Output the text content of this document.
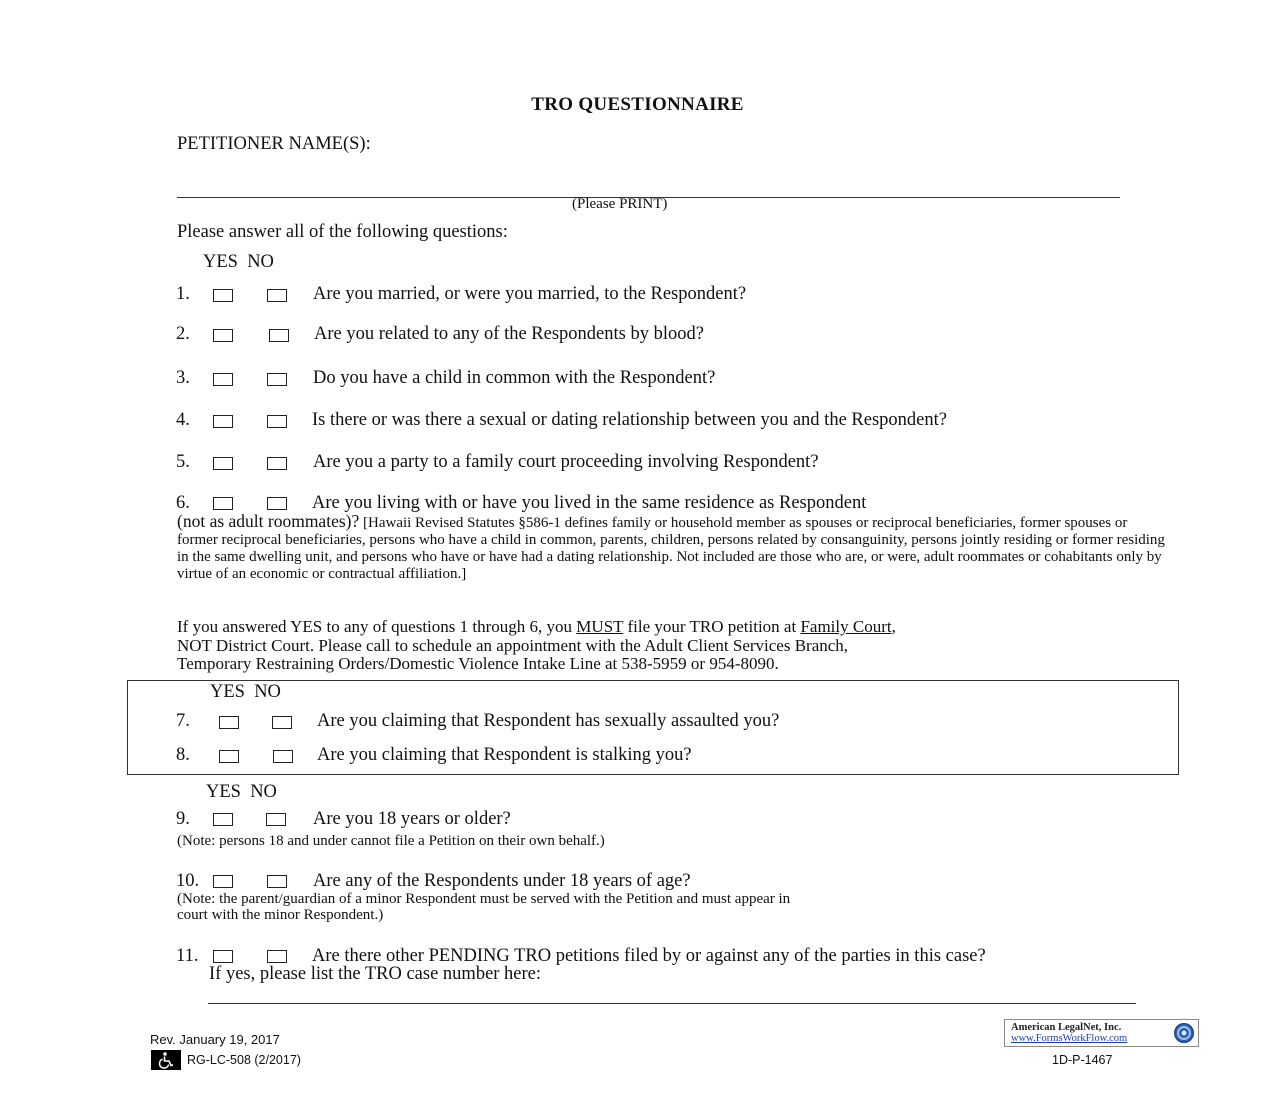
TRO QUESTIONNAIRE
PETITIONER NAME(S):
(Please PRINT)
Please answer all of the following questions:
YES  NO
1.	Are you married, or were you married, to the Respondent?
2.	Are you related to any of the Respondents by blood?
3.	Do you have a child in common with the Respondent?
4.	Is there or was there a sexual or dating relationship between you and the Respondent?
5.	Are you a party to a family court proceeding involving Respondent?
6.	Are you living with or have you lived in the same residence as Respondent
(not as adult roommates)? [Hawaii Revised Statutes §586-1 defines family or household member as spouses or reciprocal beneficiaries, former spouses or former reciprocal beneficiaries, persons who have a child in common, parents, children, persons related by consanguinity, persons jointly residing or former residing in the same dwelling unit, and persons who have or have had a dating relationship. Not included are those who are, or were, adult roommates or cohabitants only by virtue of an economic or contractual affiliation.]
If you answered YES to any of questions 1 through 6, you MUST file your TRO petition at Family Court,
NOT District Court. Please call to schedule an appointment with the Adult Client Services Branch,
Temporary Restraining Orders/Domestic Violence Intake Line at 538-5959 or 954-8090.
YES  NO
7.	Are you claiming that Respondent has sexually assaulted you?
8.	Are you claiming that Respondent is stalking you?
YES  NO
9.	Are you 18 years or older?
(Note: persons 18 and under cannot file a Petition on their own behalf.)
10.	Are any of the Respondents under 18 years of age?
(Note: the parent/guardian of a minor Respondent must be served with the Petition and must appear in
court with the minor Respondent.)
11.	Are there other PENDING TRO petitions filed by or against any of the parties in this case?
If yes, please list the TRO case number here:
Rev. January 19, 2017
RG-LC-508 (2/2017)
American LegalNet, Inc.
www.FormsWorkFlow.com
1D-P-1467
